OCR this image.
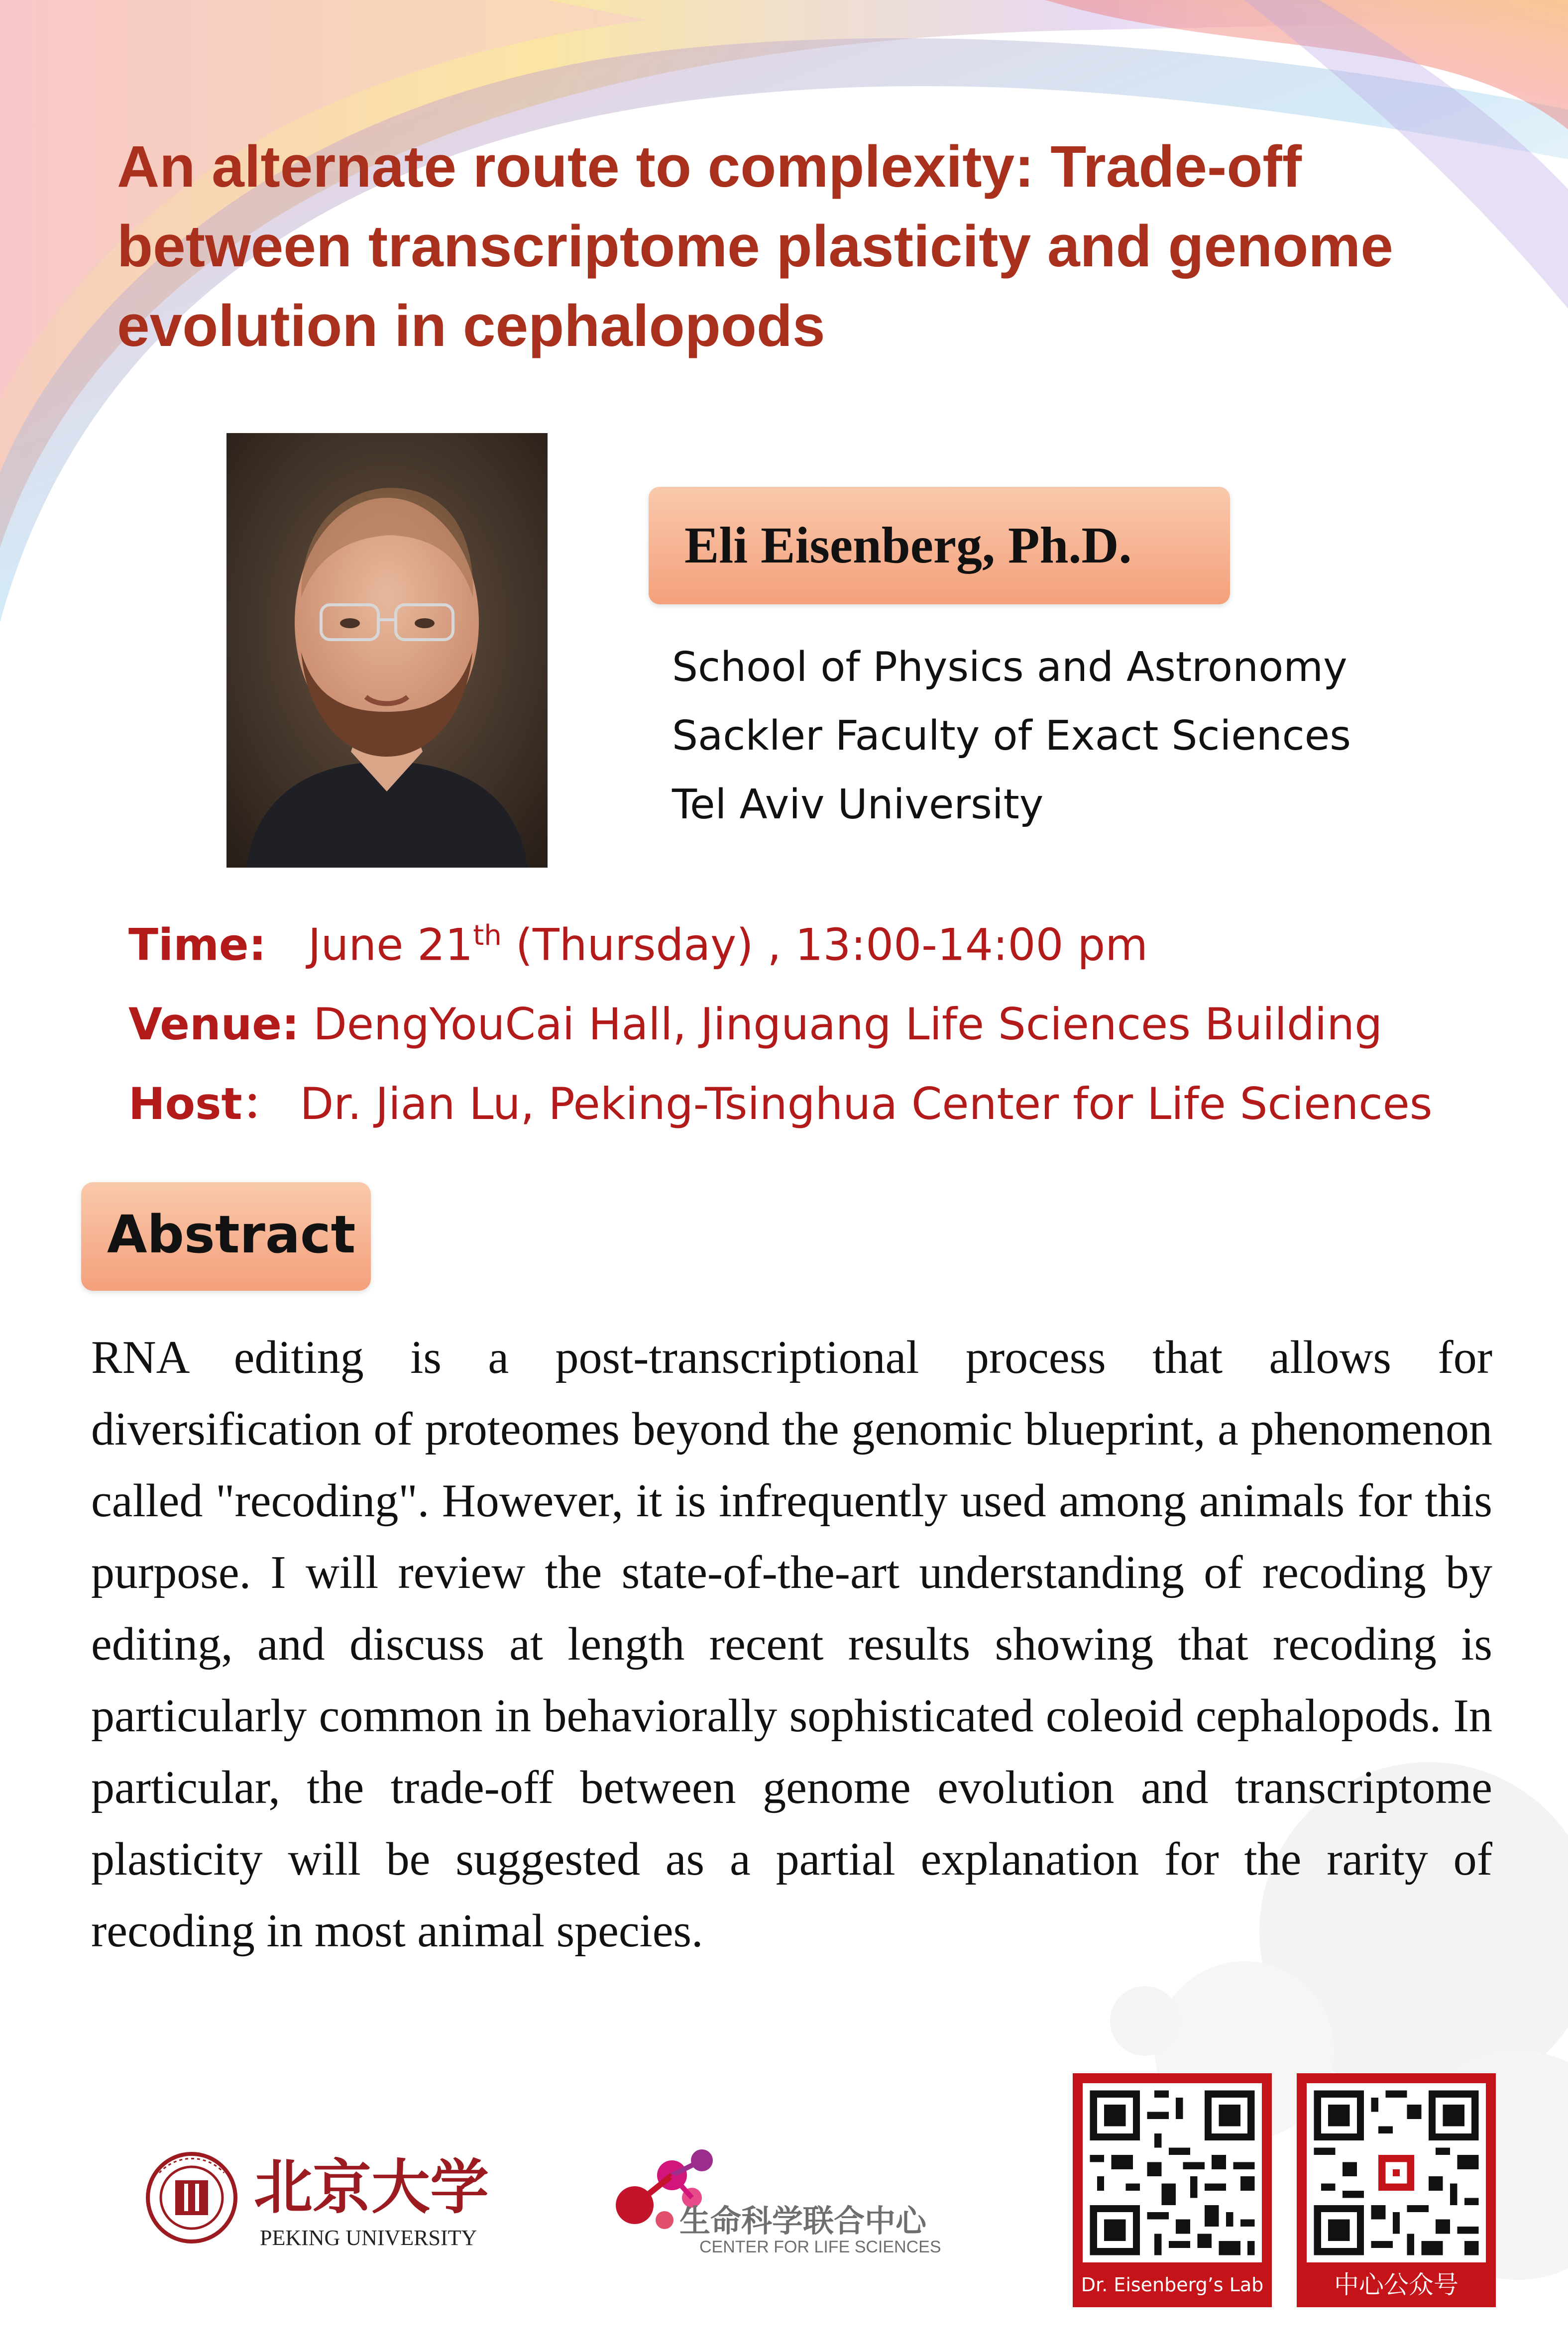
An alternate route to complexity: Trade-off between transcriptome plasticity and genome evolution in cephalopods
Eli Eisenberg, Ph.D.
School of Physics and Astronomy
Sackler Faculty of Exact Sciences
Tel Aviv University
Time: June 21th (Thursday) , 13:00-14:00 pm
Venue: DengYouCai Hall, Jinguang Life Sciences Building
Host： Dr. Jian Lu, Peking-Tsinghua Center for Life Sciences
Abstract

RNA editing is a post-transcriptional process that allows for diversification of proteomes beyond the genomic blueprint, a phenomenon called "recoding". However, it is infrequently used among animals for this purpose. I will review the state-of-the-art understanding of recoding by editing, and discuss at length recent results showing that recoding is particularly common in behaviorally sophisticated coleoid cephalopods. In particular, the trade-off between genome evolution and transcriptome plasticity will be suggested as a partial explanation for the rarity of recoding in most animal species.

北京大学
PEKING UNIVERSITY	生命科学联合中心
CENTER FOR LIFE SCIENCES
Dr. Eisenberg’s Lab	中心公众号
